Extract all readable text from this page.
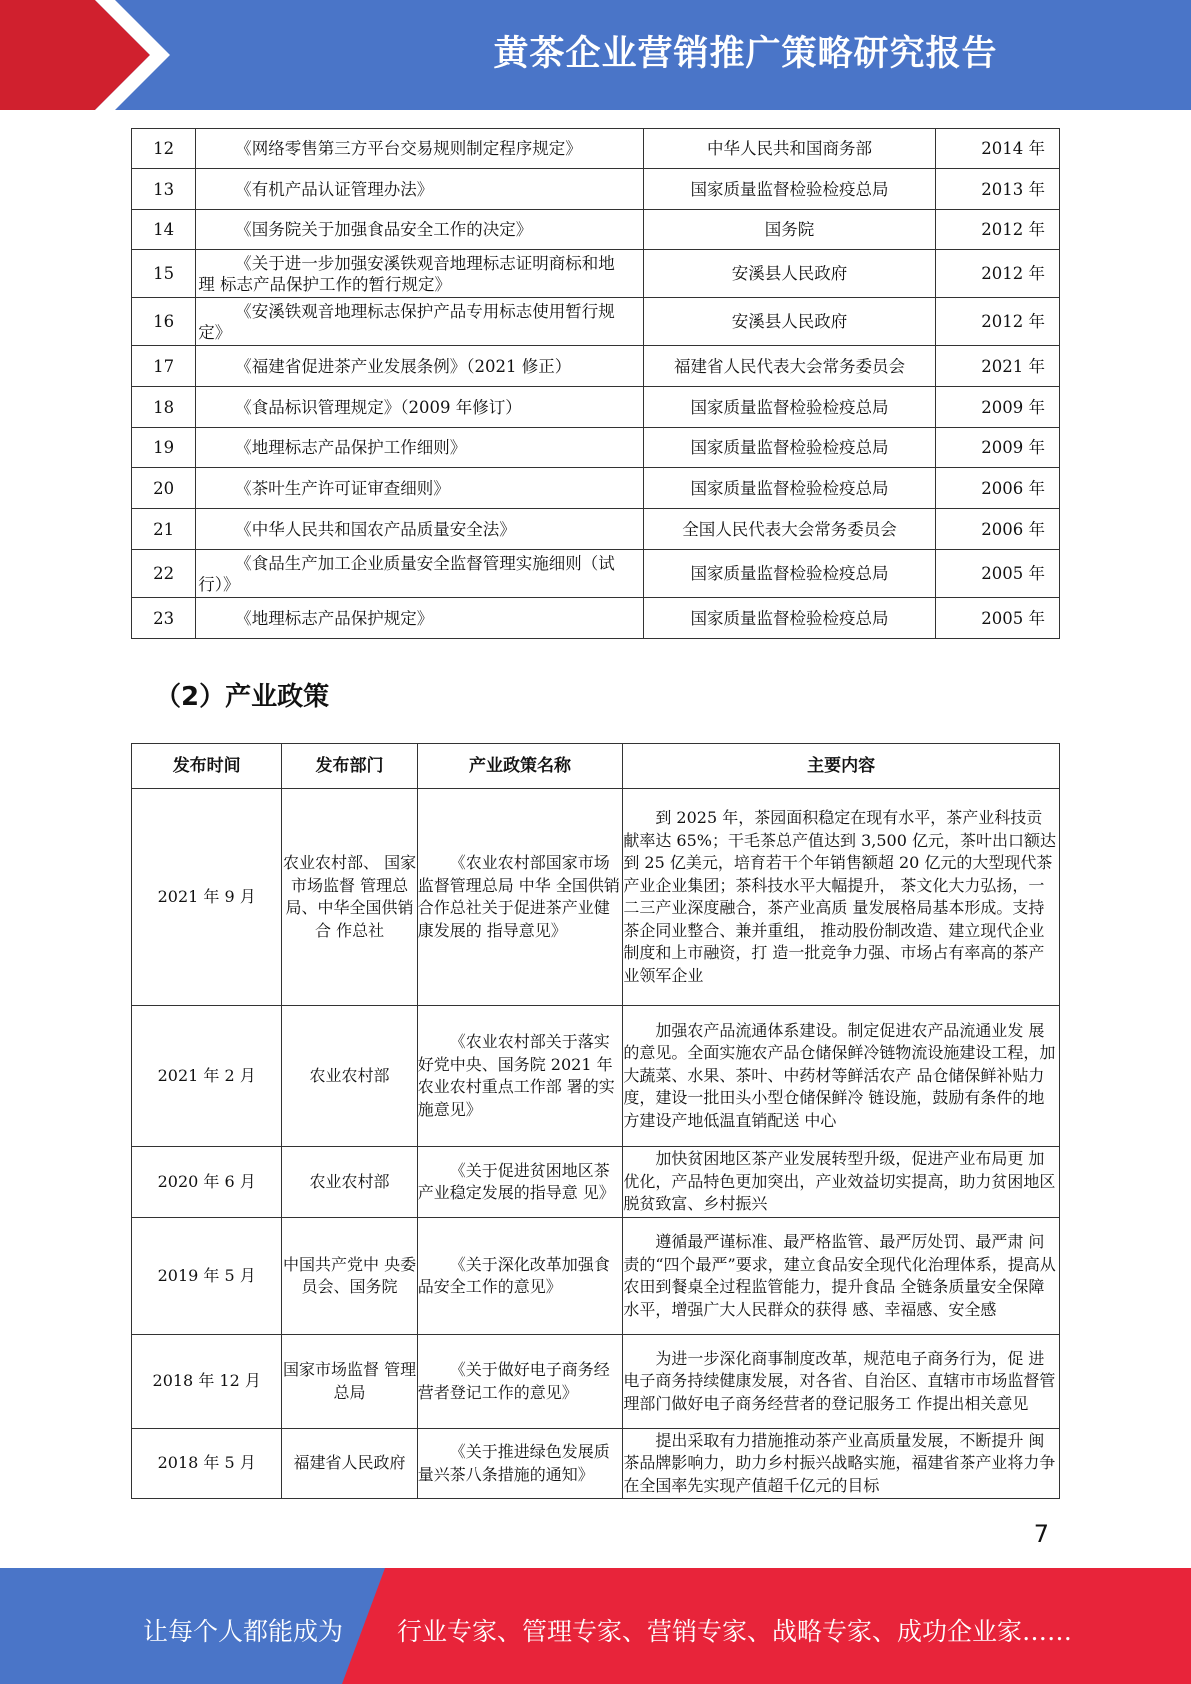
黄茶企业营销推广策略研究报告
12	《网络零售第三方平台交易规则制定程序规定》	中华人民共和国商务部	2014 年
13	《有机产品认证管理办法》	国家质量监督检验检疫总局	2013 年
14	《国务院关于加强食品安全工作的决定》	国务院	2012 年
15	《关于进一步加强安溪铁观音地理标志证明商标和地
理 标志产品保护工作的暂行规定》	安溪县人民政府	2012 年
16	《安溪铁观音地理标志保护产品专用标志使用暂行规
定》	安溪县人民政府	2012 年
17	《福建省促进茶产业发展条例》（2021 修正）	福建省人民代表大会常务委员会	2021 年
18	《食品标识管理规定》（2009 年修订）	国家质量监督检验检疫总局	2009 年
19	《地理标志产品保护工作细则》	国家质量监督检验检疫总局	2009 年
20	《茶叶生产许可证审查细则》	国家质量监督检验检疫总局	2006 年
21	《中华人民共和国农产品质量安全法》	全国人民代表大会常务委员会	2006 年
22	《食品生产加工企业质量安全监督管理实施细则（试
行）》	国家质量监督检验检疫总局	2005 年
23	《地理标志产品保护规定》	国家质量监督检验检疫总局	2005 年
（2）产业政策
发布时间	发布部门	产业政策名称	主要内容
2021 年 9 月	农业农村部、 国家市场监督 管理总局、中华全国供销合 作总社	《农业农村部国家市场监督管理总局 中华 全国供销合作总社关于促进茶产业健康发展的 指导意见》	到 2025 年，茶园面积稳定在现有水平，茶产业科技贡 献率达 65%；干毛茶总产值达到 3,500 亿元，茶叶出口额达到 25 亿美元，培育若干个年销售额超 20 亿元的大型现代茶产业企业集团；茶科技水平大幅提升， 茶文化大力弘扬，一二三产业深度融合，茶产业高质 量发展格局基本形成。支持茶企同业整合、兼并重组， 推动股份制改造、建立现代企业制度和上市融资，打 造一批竞争力强、市场占有率高的茶产业领军企业

2021 年 2 月	农业农村部	《农业农村部关于落实 好党中央、国务院 2021 年农业农村重点工作部 署的实施意见》	加强农产品流通体系建设。制定促进农产品流通业发 展的意见。全面实施农产品仓储保鲜冷链物流设施建设工程，加大蔬菜、水果、茶叶、中药材等鲜活农产 品仓储保鲜补贴力度，建设一批田头小型仓储保鲜冷 链设施，鼓励有条件的地方建设产地低温直销配送 中心

2020 年 6 月	农业农村部	《关于促进贫困地区茶 产业稳定发展的指导意 见》	加快贫困地区茶产业发展转型升级，促进产业布局更 加优化，产品特色更加突出，产业效益切实提高，助力贫困地区脱贫致富、乡村振兴

2019 年 5 月	中国共产党中 央委员会、国务院	《关于深化改革加强食 品安全工作的意见》	遵循最严谨标准、最严格监管、最严厉处罚、最严肃 问责的“四个最严”要求，建立食品安全现代化治理体系，提高从农田到餐桌全过程监管能力，提升食品 全链条质量安全保障水平，增强广大人民群众的获得 感、幸福感、安全感

2018 年 12 月	国家市场监督 管理总局	《关于做好电子商务经 营者登记工作的意见》	为进一步深化商事制度改革，规范电子商务行为，促 进电子商务持续健康发展，对各省、自治区、直辖市市场监督管理部门做好电子商务经营者的登记服务工 作提出相关意见

2018 年 5 月	福建省人民政府	《关于推进绿色发展质 量兴茶八条措施的通知》	提出采取有力措施推动茶产业高质量发展，不断提升 闽茶品牌影响力，助力乡村振兴战略实施，福建省茶产业将力争在全国率先实现产值超千亿元的目标
7
让每个人都能成为 行业专家、管理专家、营销专家、战略专家、成功企业家……
